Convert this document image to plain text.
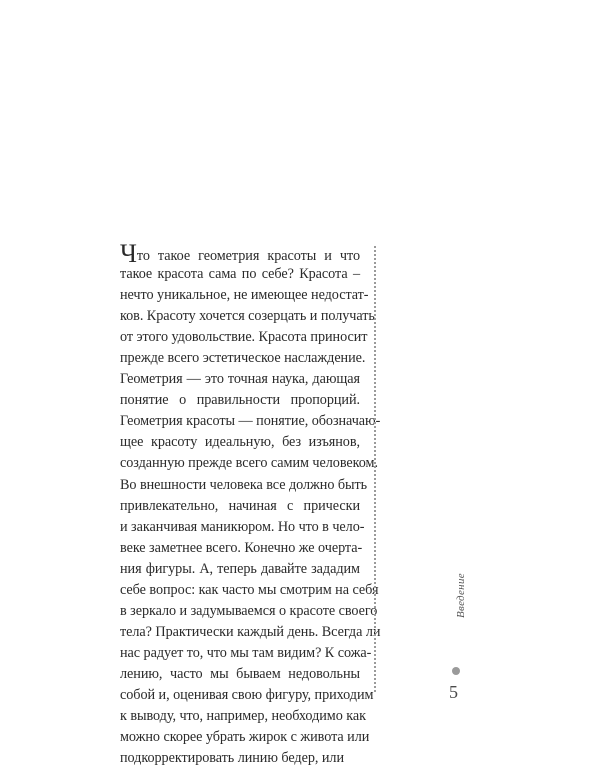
Что такое геометрия красоты и что
такое красота сама по себе? Красота –
нечто уникальное, не имеющее недостат-
ков. Красоту хочется созерцать и получать
от этого удовольствие. Красота приносит
прежде всего эстетическое наслаждение.
Геометрия — это точная наука, дающая
понятие о правильности пропорций.
Геометрия красоты — понятие, обозначаю-
щее красоту идеальную, без изъянов,
созданную прежде всего самим человеком.
Во внешности человека все должно быть
привлекательно, начиная с прически
и заканчивая маникюром. Но что в чело-
веке заметнее всего. Конечно же очерта-
ния фигуры. А, теперь давайте зададим
себе вопрос: как часто мы смотрим на себя
в зеркало и задумываемся о красоте своего
тела? Практически каждый день. Всегда ли
нас радует то, что мы там видим? К сожа-
лению, часто мы бываем недовольны
собой и, оценивая свою фигуру, приходим
к выводу, что, например, необходимо как
можно скорее убрать жирок с живота или
подкорректировать линию бедер, или
Введение
5
